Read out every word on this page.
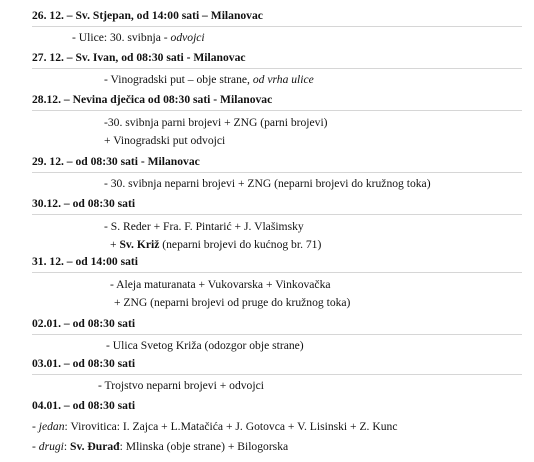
26. 12. – Sv. Stjepan, od 14:00 sati – Milanovac
- Ulice: 30. svibnja - odvojci
27. 12. – Sv. Ivan, od 08:30 sati - Milanovac
- Vinogradski put – obje strane, od vrha ulice
28.12. – Nevina dječica od 08:30 sati - Milanovac
-30. svibnja parni brojevi + ZNG (parni brojevi)
+ Vinogradski put odvojci
29. 12. – od 08:30 sati - Milanovac
- 30. svibnja neparni brojevi + ZNG (neparni brojevi do kružnog toka)
30.12. – od 08:30 sati
- S. Reder + Fra. F. Pintarić + J. Vlašimsky
+ Sv. Križ (neparni brojevi do kućnog br. 71)
31. 12. – od 14:00 sati
- Aleja maturanata + Vukovarska + Vinkovačka
+ ZNG (neparni brojevi od pruge do kružnog toka)
02.01. – od 08:30 sati
- Ulica Svetog Križa (odozgor obje strane)
03.01. – od 08:30 sati
- Trojstvo neparni brojevi + odvojci
04.01. – od 08:30 sati
- jedan: Virovitica: I. Zajca + L.Matačića + J. Gotovca + V. Lisinski + Z. Kunc
- drugi: Sv. Đurađ: Mlinska (obje strane) + Bilogorska
